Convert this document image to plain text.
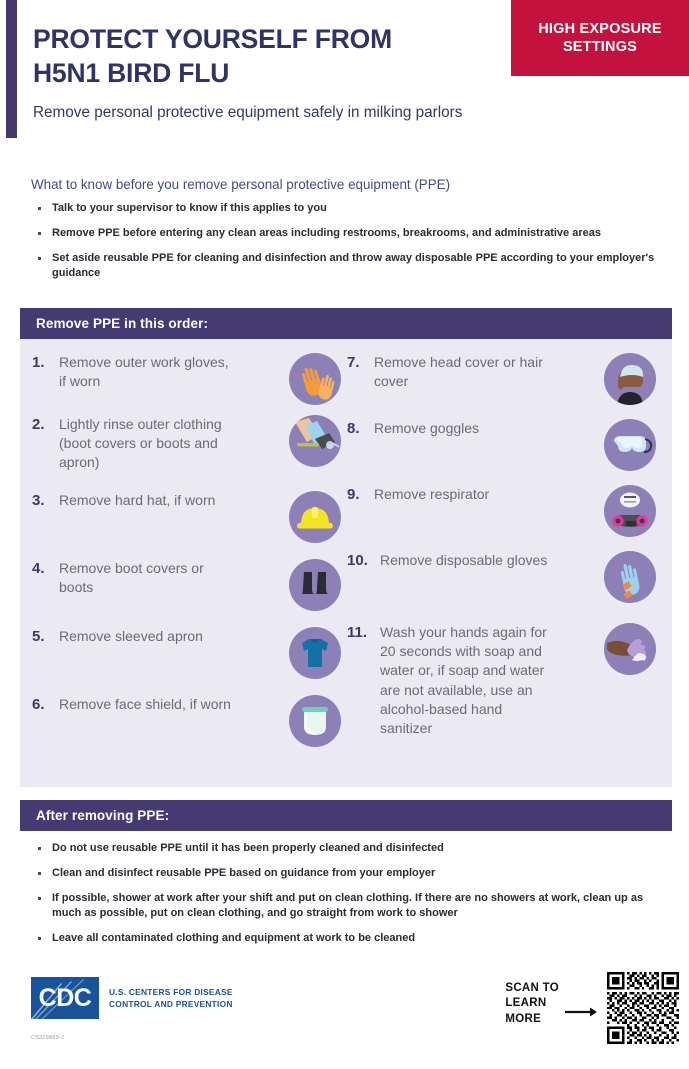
HIGH EXPOSURE
SETTINGS
PROTECT YOURSELF FROM
H5N1 BIRD FLU
Remove personal protective equipment safely in milking parlors
What to know before you remove personal protective equipment (PPE)
Talk to your supervisor to know if this applies to you
Remove PPE before entering any clean areas including restrooms, breakrooms, and administrative areas
Set aside reusable PPE for cleaning and disinfection and throw away disposable PPE according to your employer's guidance
Remove PPE in this order:
1.	Remove outer work gloves, if worn
2.	Lightly rinse outer clothing (boot covers or boots and apron)
3.	Remove hard hat, if worn
4.	Remove boot covers or boots
5.	Remove sleeved apron
6.	Remove face shield, if worn
7.	Remove head cover or hair cover
8.	Remove goggles
9.	Remove respirator
10. Remove disposable gloves
11. Wash your hands again for 20 seconds with soap and water or, if soap and water are not available, use an alcohol-based hand sanitizer
After removing PPE:
Do not use reusable PPE until it has been properly cleaned and disinfected
Clean and disinfect reusable PPE based on guidance from your employer
If possible, shower at work after your shift and put on clean clothing. If there are no showers at work, clean up as much as possible, put on clean clothing, and go straight from work to shower
Leave all contaminated clothing and equipment at work to be cleaned
CDC U.S. CENTERS FOR DISEASE
CONTROL AND PREVENTION
CS329889-J
SCAN TO
LEARN
MORE
